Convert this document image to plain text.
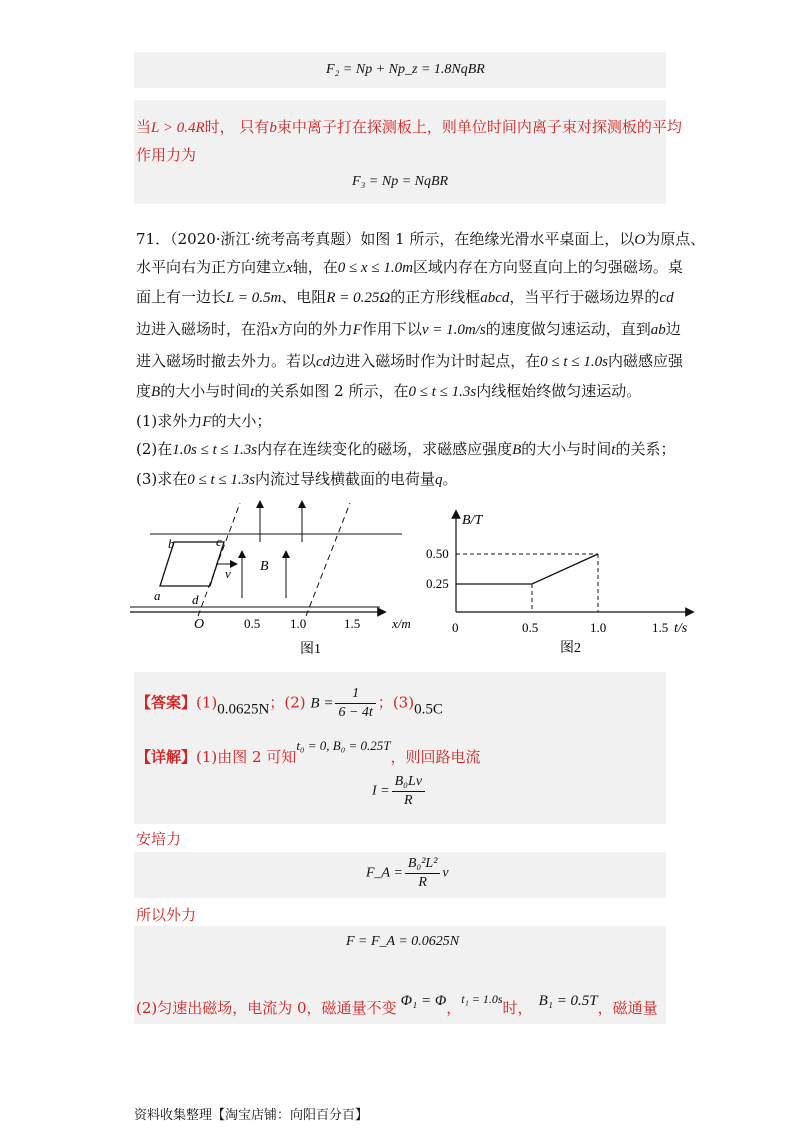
F₂ = Np + Np_z = 1.8NqBR
当L > 0.4R时， 只有b束中离子打在探测板上，则单位时间内离子束对探测板的平均
作用力为
F₃ = Np = NqBR
71．（2020·浙江·统考高考真题）如图 1 所示，在绝缘光滑水平桌面上，以O为原点、
水平向右为正方向建立x轴，在0 ≤ x ≤ 1.0m区域内存在方向竖直向上的匀强磁场。桌
面上有一边长L = 0.5m、电阻R = 0.25Ω的正方形线框abcd，当平行于磁场边界的cd
边进入磁场时，在沿x方向的外力F作用下以v = 1.0m/s的速度做匀速运动，直到ab边
进入磁场时撤去外力。若以cd边进入磁场时作为计时起点，在0 ≤ t ≤ 1.0s内磁感应强
度B的大小与时间t的关系如图 2 所示，在0 ≤ t ≤ 1.3s内线框始终做匀速运动。
(1)求外力F的大小；
(2)在1.0s ≤ t ≤ 1.3s内存在连续变化的磁场，求磁感应强度B的大小与时间t的关系；
(3)求在0 ≤ t ≤ 1.3s内流过导线横截面的电荷量q。
b	c
a d
v B
O	0.5 1.0	1.5 x/m
图1
B/T
t/s
0.50
0.25
0	0.5	1.0	1.5
图2
【答案】(1)0.0625N；(2) $B = \frac{1}{6 - 4t}$ ；(3)0.5C
【详解】(1)由图 2 可知t₀ = 0, B₀ = 0.25T，则回路电流
$I = \frac{\text{B₀Lv}}{R}$
安培力
F_A = $\frac{\text{B₀²L²}}{R}$ v
所以外力
F = F_A = 0.0625N
(2)匀速出磁场，电流为 0，磁通量不变 Φ₁ = Φ，$^{t_1 = 1.0s}$时， B₁ = 0.5T，磁通量
资料收集整理【淘宝店铺：向阳百分百】
